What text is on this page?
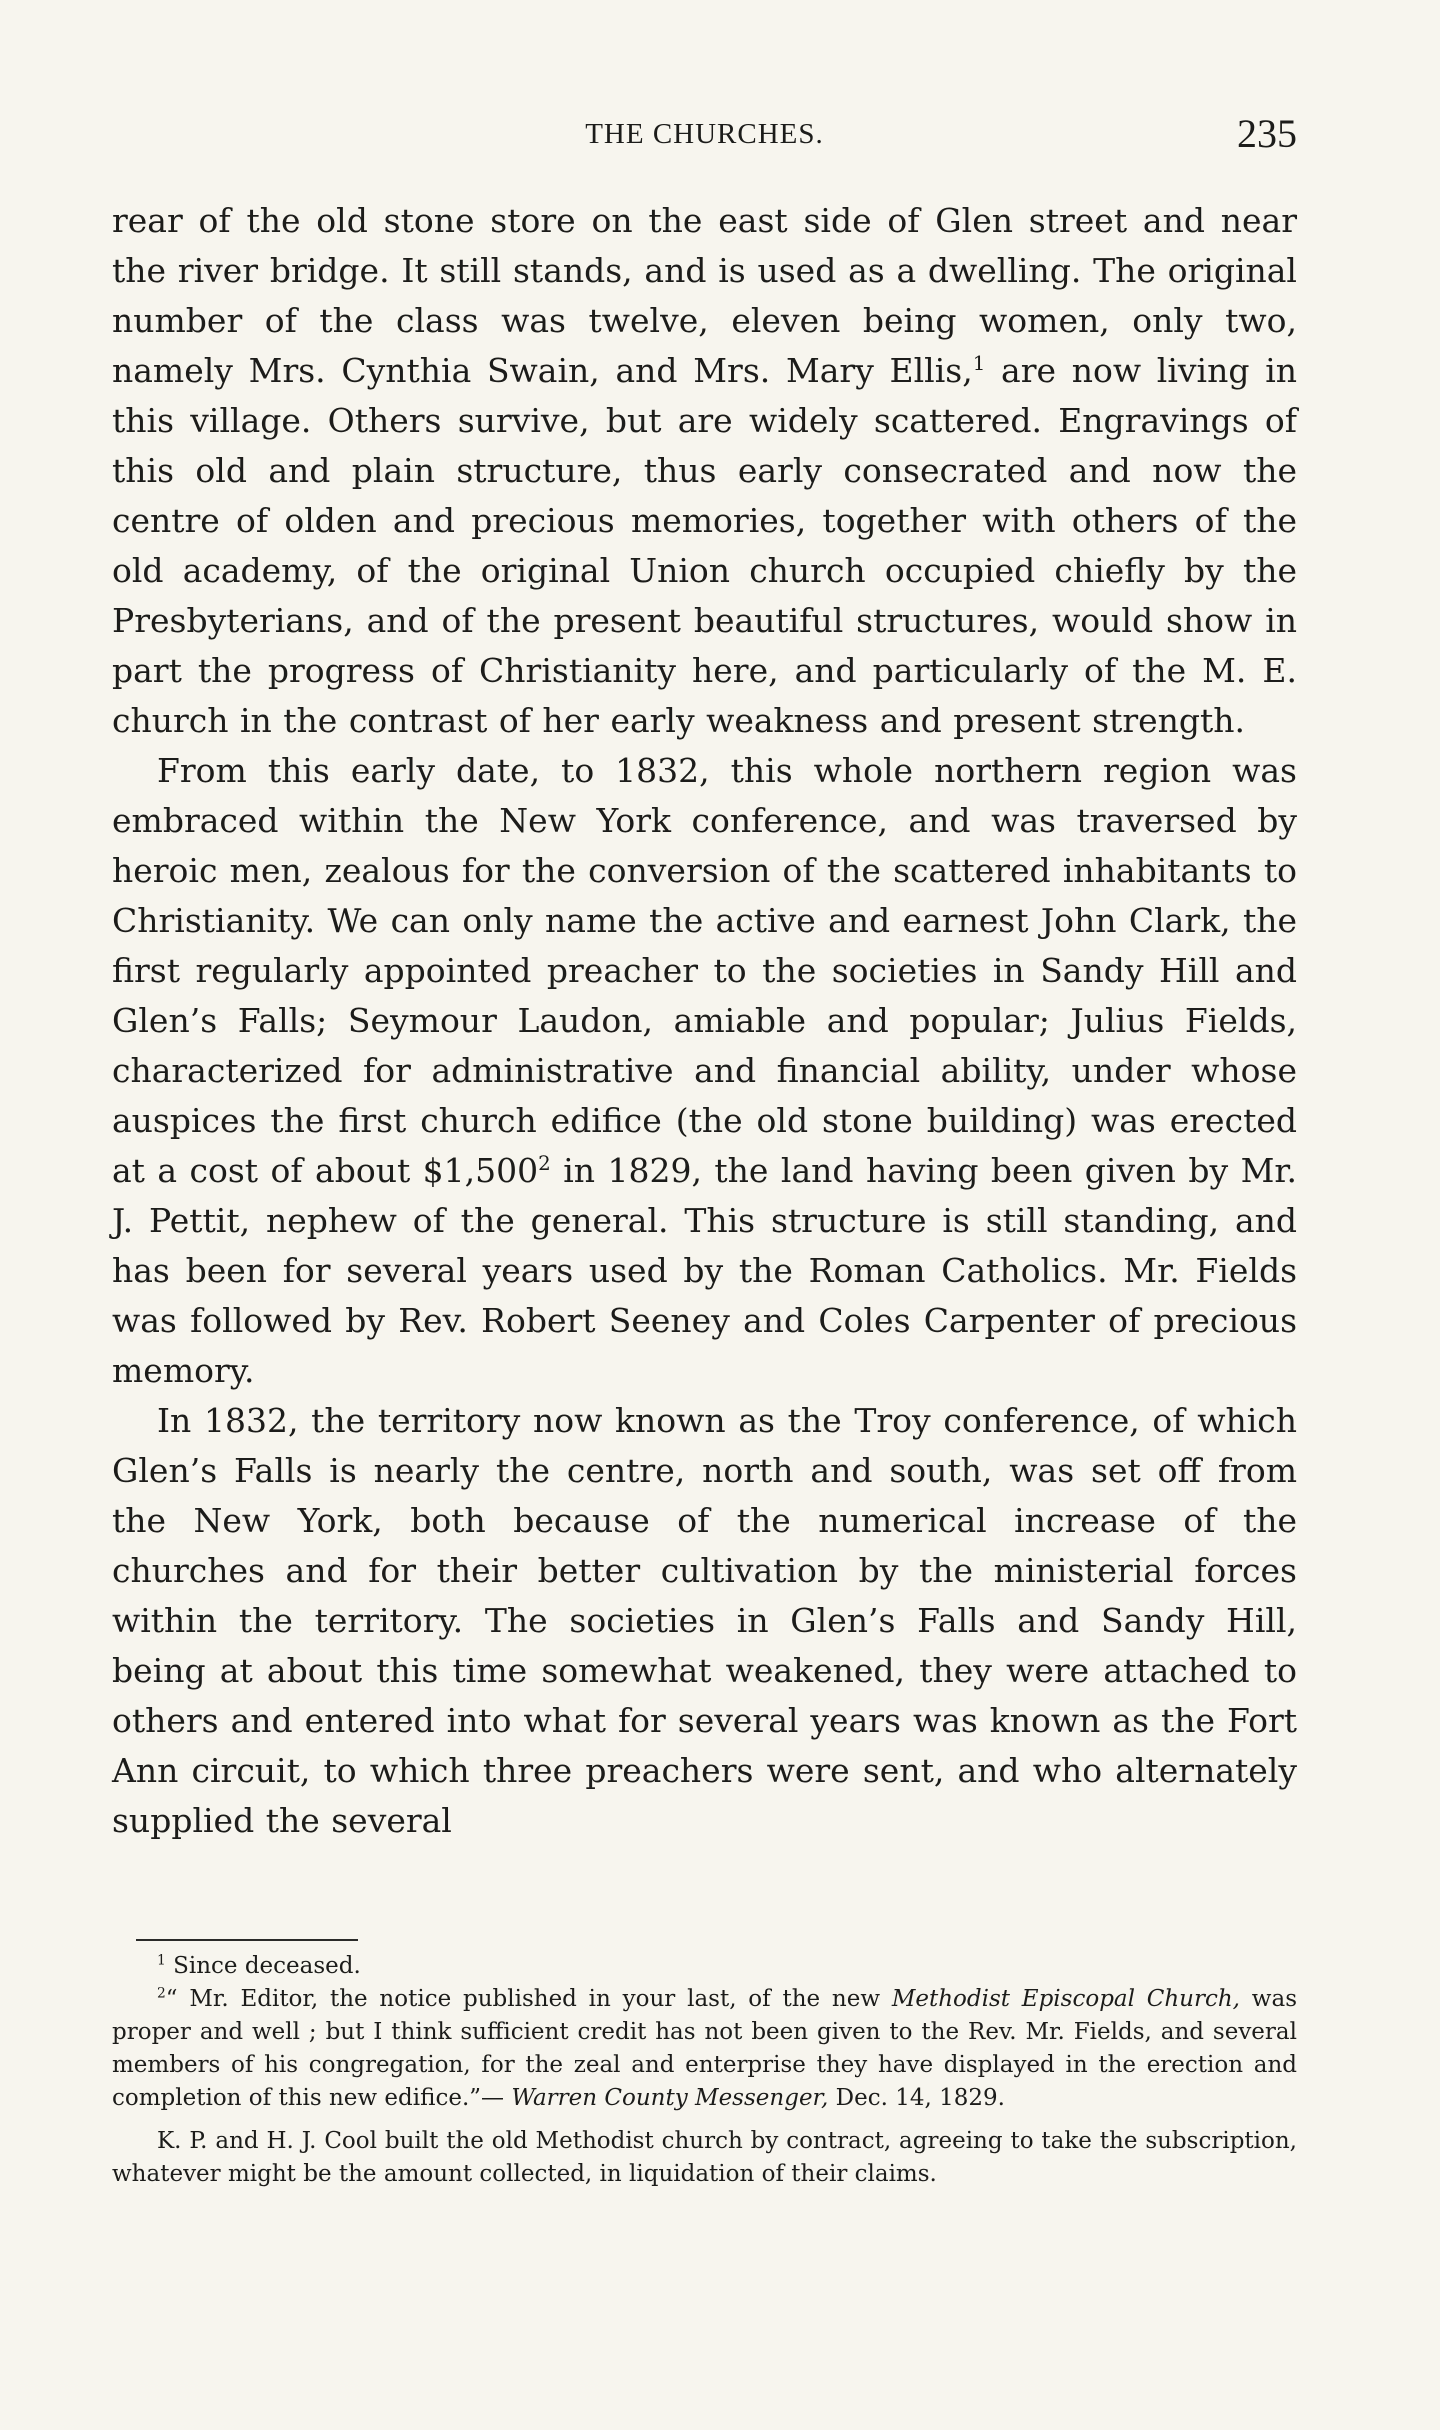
THE CHURCHES.	235

rear of the old stone store on the east side of Glen street and near the river bridge. It still stands, and is used as a dwelling. The original number of the class was twelve, eleven being women, only two, namely Mrs. Cynthia Swain, and Mrs. Mary Ellis,$^1$ are now living in this village. Others survive, but are widely scattered. Engravings of this old and plain structure, thus early consecrated and now the centre of olden and precious memories, together with others of the old academy, of the original Union church occupied chiefly by the Presbyterians, and of the present beautiful structures, would show in part the progress of Christianity here, and particularly of the M. E. church in the contrast of her early weakness and present strength.

From this early date, to 1832, this whole northern region was embraced within the New York conference, and was traversed by heroic men, zealous for the conversion of the scattered inhabitants to Christianity. We can only name the active and earnest John Clark, the first regularly appointed preacher to the societies in Sandy Hill and Glen’s Falls; Seymour Laudon, amiable and popular; Julius Fields, characterized for administrative and financial ability, under whose auspices the first church edifice (the old stone building) was erected at a cost of about $1,500$^2$ in 1829, the land having been given by Mr. J. Pettit, nephew of the general. This structure is still standing, and has been for several years used by the Roman Catholics. Mr. Fields was followed by Rev. Robert Seeney and Coles Carpenter of precious memory.

In 1832, the territory now known as the Troy conference, of which Glen’s Falls is nearly the centre, north and south, was set off from the New York, both because of the numerical increase of the churches and for their better cultivation by the ministerial forces within the territory. The societies in Glen’s Falls and Sandy Hill, being at about this time somewhat weakened, they were attached to others and entered into what for several years was known as the Fort Ann circuit, to which three preachers were sent, and who alternately supplied the several

$^1$ Since deceased.

$^2$“ Mr. Editor, the notice published in your last, of the new Methodist Episcopal Church, was proper and well ; but I think sufficient credit has not been given to the Rev. Mr. Fields, and several members of his congregation, for the zeal and enterprise they have displayed in the erection and completion of this new edifice.”— Warren County Messenger, Dec. 14, 1829.

K. P. and H. J. Cool built the old Methodist church by contract, agreeing to take the subscription, whatever might be the amount collected, in liquidation of their claims.
